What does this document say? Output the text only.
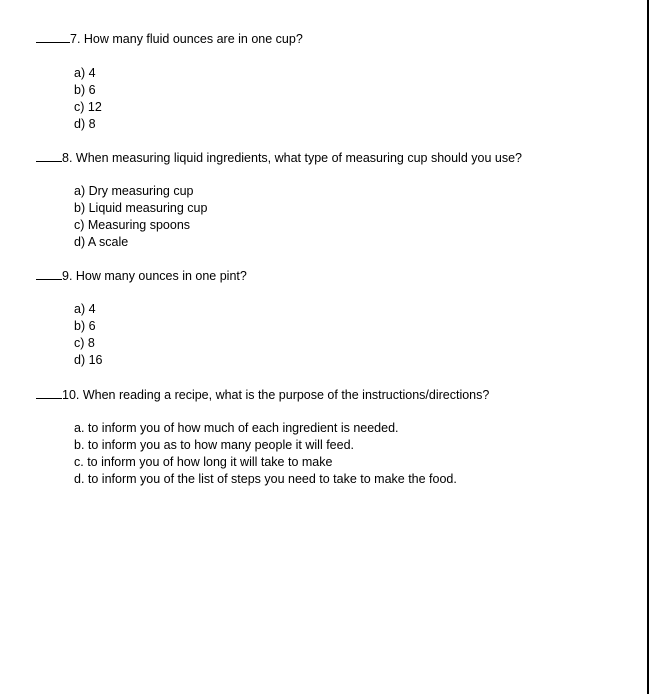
7. How many fluid ounces are in one cup?
a) 4
b) 6
c) 12
d) 8
8. When measuring liquid ingredients, what type of measuring cup should you use?
a) Dry measuring cup
b) Liquid measuring cup
c) Measuring spoons
d) A scale
9. How many ounces in one pint?
a) 4
b) 6
c) 8
d) 16
10. When reading a recipe, what is the purpose of the instructions/directions?
a. to inform you of how much of each ingredient is needed.
b. to inform you as to how many people it will feed.
c. to inform you of how long it will take to make
d. to inform you of the list of steps you need to take to make the food.
